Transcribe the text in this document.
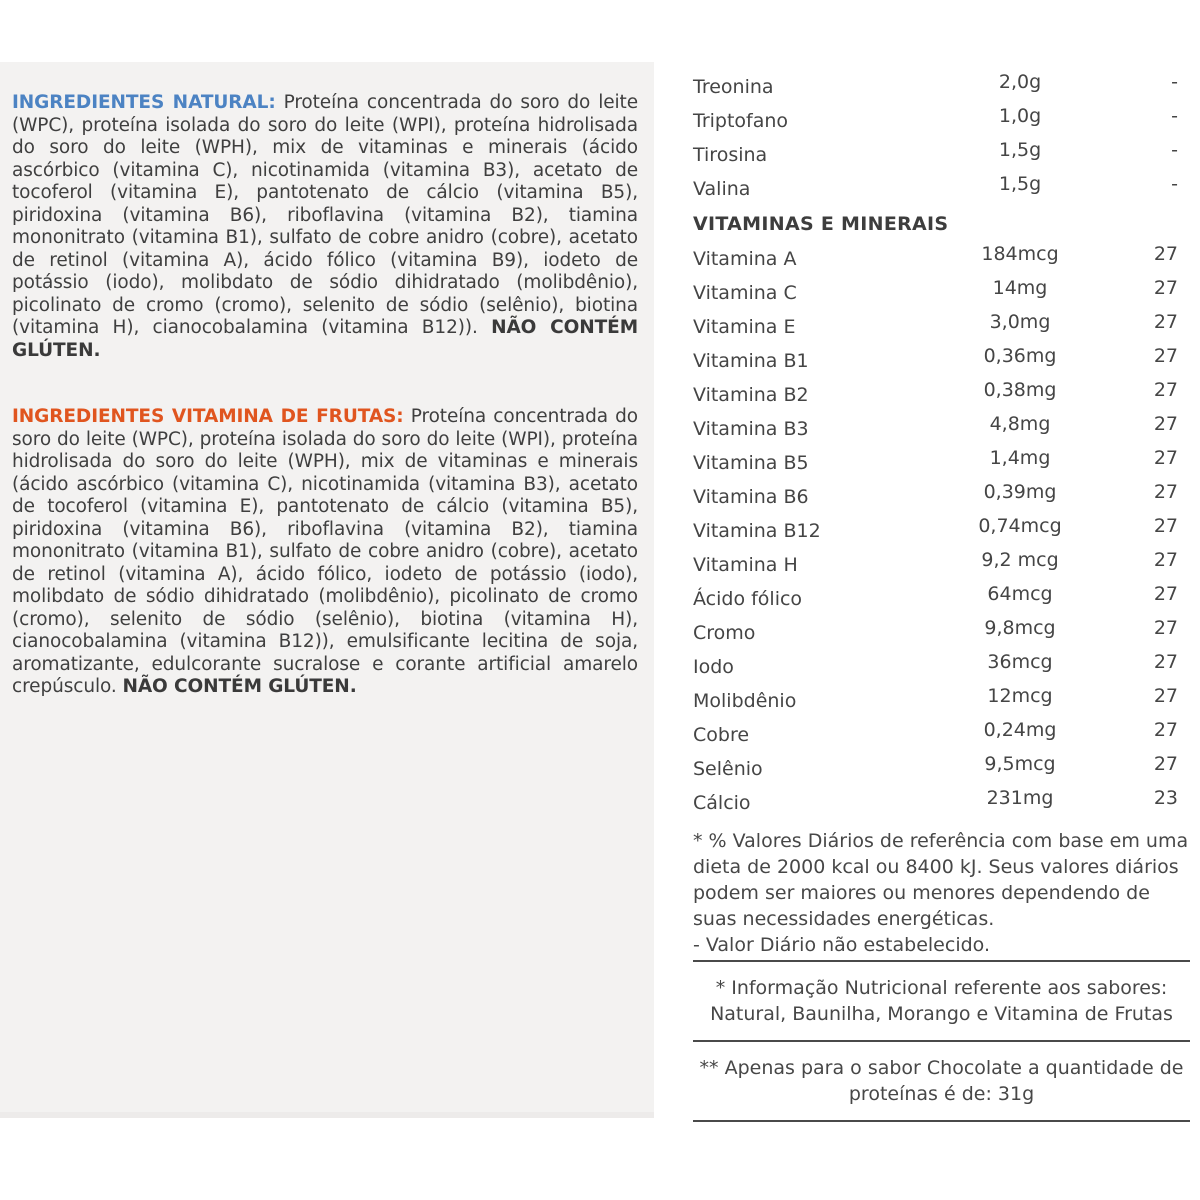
INGREDIENTES NATURAL: Proteína concentrada do soro do leite (WPC), proteína isolada do soro do leite (WPI), proteína hidrolisada do soro do leite (WPH), mix de vitaminas e minerais (ácido ascórbico (vitamina C), nicotinamida (vitamina B3), acetato de tocoferol (vitamina E), pantotenato de cálcio (vitamina B5), piridoxina (vitamina B6), riboflavina (vitamina B2), tiamina mononitrato (vitamina B1), sulfato de cobre anidro (cobre), acetato de retinol (vitamina A), ácido fólico (vitamina B9), iodeto de potássio (iodo), molibdato de sódio dihidratado (molibdênio), picolinato de cromo (cromo), selenito de sódio (selênio), biotina (vitamina H), cianocobalamina (vitamina B12)). NÃO CONTÉM GLÚTEN.

INGREDIENTES VITAMINA DE FRUTAS: Proteína concentrada do soro do leite (WPC), proteína isolada do soro do leite (WPI), proteína hidrolisada do soro do leite (WPH), mix de vitaminas e minerais (ácido ascórbico (vitamina C), nicotinamida (vitamina B3), acetato de tocoferol (vitamina E), pantotenato de cálcio (vitamina B5), piridoxina (vitamina B6), riboflavina (vitamina B2), tiamina mononitrato (vitamina B1), sulfato de cobre anidro (cobre), acetato de retinol (vitamina A), ácido fólico, iodeto de potássio (iodo), molibdato de sódio dihidratado (molibdênio), picolinato de cromo (cromo), selenito de sódio (selênio), biotina (vitamina H), cianocobalamina (vitamina B12)), emulsificante lecitina de soja, aromatizante, edulcorante sucralose e corante artificial amarelo crepúsculo. NÃO CONTÉM GLÚTEN.

Treonina	2,0g	-
Triptofano	1,0g	-
Tirosina	1,5g	-
Valina	1,5g	-
VITAMINAS E MINERAIS
Vitamina A	184mcg	27
Vitamina C	14mg	27
Vitamina E	3,0mg	27
Vitamina B1	0,36mg	27
Vitamina B2	0,38mg	27
Vitamina B3	4,8mg	27
Vitamina B5	1,4mg	27
Vitamina B6	0,39mg	27
Vitamina B12	0,74mcg	27
Vitamina H	9,2 mcg	27
Ácido fólico	64mcg	27
Cromo	9,8mcg	27
Iodo	36mcg	27
Molibdênio	12mcg	27
Cobre	0,24mg	27
Selênio	9,5mcg	27
Cálcio	231mg	23

* % Valores Diários de referência com base em uma dieta de 2000 kcal ou 8400 kJ. Seus valores diários podem ser maiores ou menores dependendo de suas necessidades energéticas.

- Valor Diário não estabelecido.

* Informação Nutricional referente aos sabores: Natural, Baunilha, Morango e Vitamina de Frutas
** Apenas para o sabor Chocolate a quantidade de proteínas é de: 31g
